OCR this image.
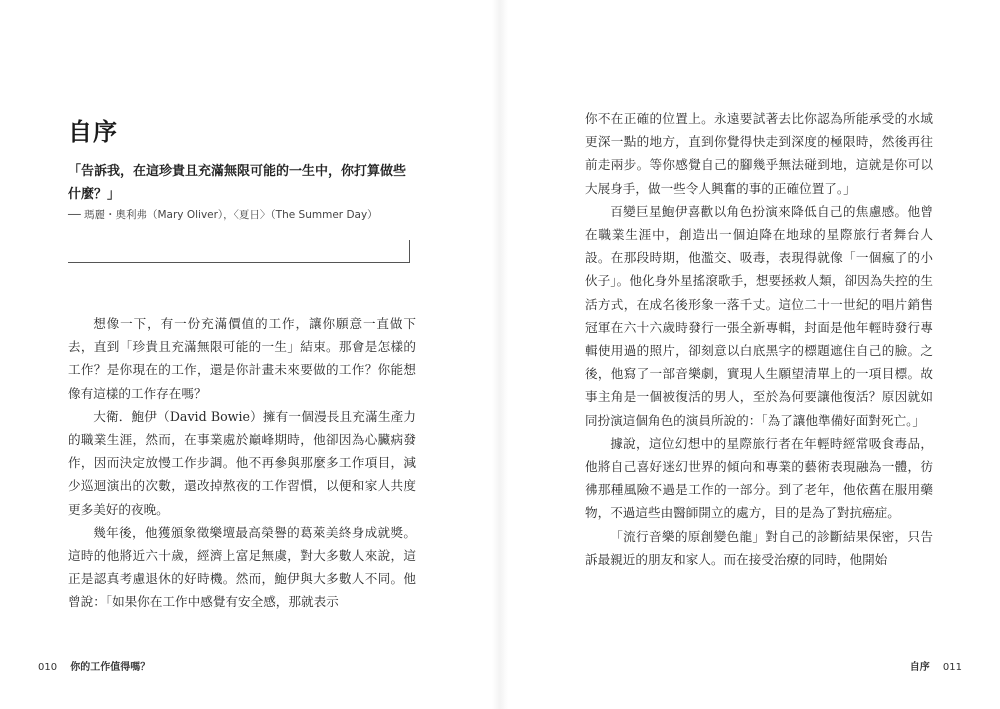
自序
「告訴我，在這珍貴且充滿無限可能的一生中，你打算做些什麼？」
── 瑪麗・奧利弗（Mary Oliver），〈夏日〉（The Summer Day）

想像一下，有一份充滿價值的工作，讓你願意一直做下去，直到「珍貴且充滿無限可能的一生」結束。那會是怎樣的工作？是你現在的工作，還是你計畫未來要做的工作？你能想像有這樣的工作存在嗎？

大衛．鮑伊（David Bowie）擁有一個漫長且充滿生產力的職業生涯，然而，在事業處於巔峰期時，他卻因為心臟病發作，因而決定放慢工作步調。他不再參與那麼多工作項目，減少巡迴演出的次數，還改掉熬夜的工作習慣，以便和家人共度更多美好的夜晚。

幾年後，他獲頒象徵樂壇最高榮譽的葛萊美終身成就獎。這時的他將近六十歲，經濟上富足無虞，對大多數人來說，這正是認真考慮退休的好時機。然而，鮑伊與大多數人不同。他曾說：「如果你在工作中感覺有安全感，那就表示

010 你的工作值得嗎？

你不在正確的位置上。永遠要試著去比你認為所能承受的水域更深一點的地方，直到你覺得快走到深度的極限時，然後再往前走兩步。等你感覺自己的腳幾乎無法碰到地，這就是你可以大展身手，做一些令人興奮的事的正確位置了。」

百變巨星鮑伊喜歡以角色扮演來降低自己的焦慮感。他曾在職業生涯中，創造出一個迫降在地球的星際旅行者舞台人設。在那段時期，他濫交、吸毒，表現得就像「一個瘋了的小伙子」。他化身外星搖滾歌手，想要拯救人類，卻因為失控的生活方式，在成名後形象一落千丈。這位二十一世紀的唱片銷售冠軍在六十六歲時發行一張全新專輯，封面是他年輕時發行專輯使用過的照片，卻刻意以白底黑字的標題遮住自己的臉。之後，他寫了一部音樂劇，實現人生願望清單上的一項目標。故事主角是一個被復活的男人，至於為何要讓他復活？原因就如同扮演這個角色的演員所說的：「為了讓他準備好面對死亡。」

據說，這位幻想中的星際旅行者在年輕時經常吸食毒品，他將自己喜好迷幻世界的傾向和專業的藝術表現融為一體，彷彿那種風險不過是工作的一部分。到了老年，他依舊在服用藥物，不過這些由醫師開立的處方，目的是為了對抗癌症。

「流行音樂的原創變色龍」對自己的診斷結果保密，只告訴最親近的朋友和家人。而在接受治療的同時，他開始

自序 011
